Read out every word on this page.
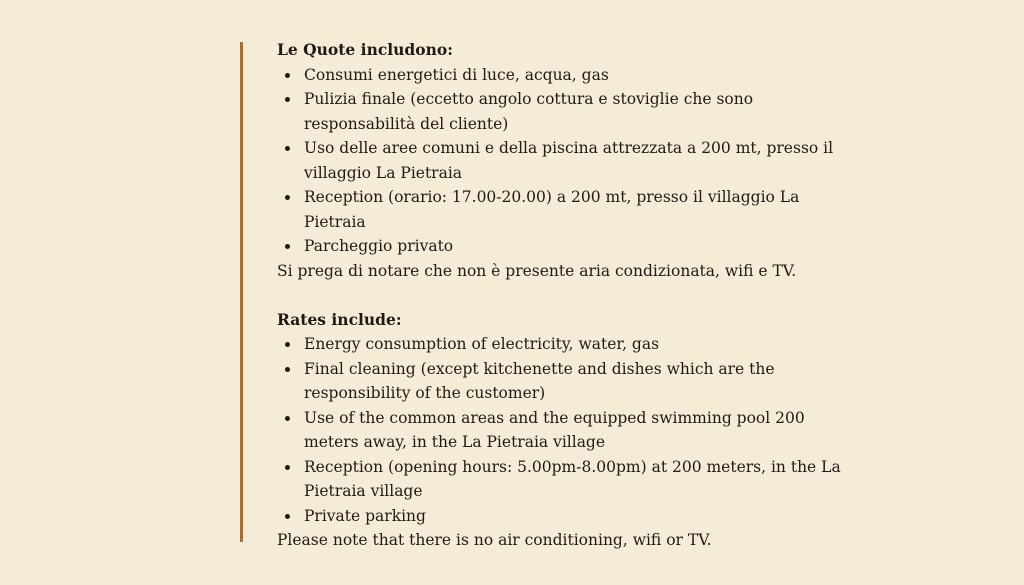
Le Quote includono:

Consumi energetici di luce, acqua, gas
Pulizia finale (eccetto angolo cottura e stoviglie che sono  responsabilità del cliente)
Uso delle aree comuni e della piscina attrezzata a 200 mt, presso il villaggio La Pietraia
Reception (orario: 17.00-20.00) a 200 mt, presso il villaggio La Pietraia
Parcheggio privato

Si prega di notare che non è presente aria condizionata, wifi e TV.

Rates include:

Energy consumption of electricity, water, gas
Final cleaning (except kitchenette and dishes which are the responsibility of the customer)
Use of the common areas and the equipped swimming pool 200 meters away, in the La Pietraia village
Reception (opening hours: 5.00pm-8.00pm) at 200 meters, in the La Pietraia village
Private parking

Please note that there is no air conditioning, wifi or TV.
